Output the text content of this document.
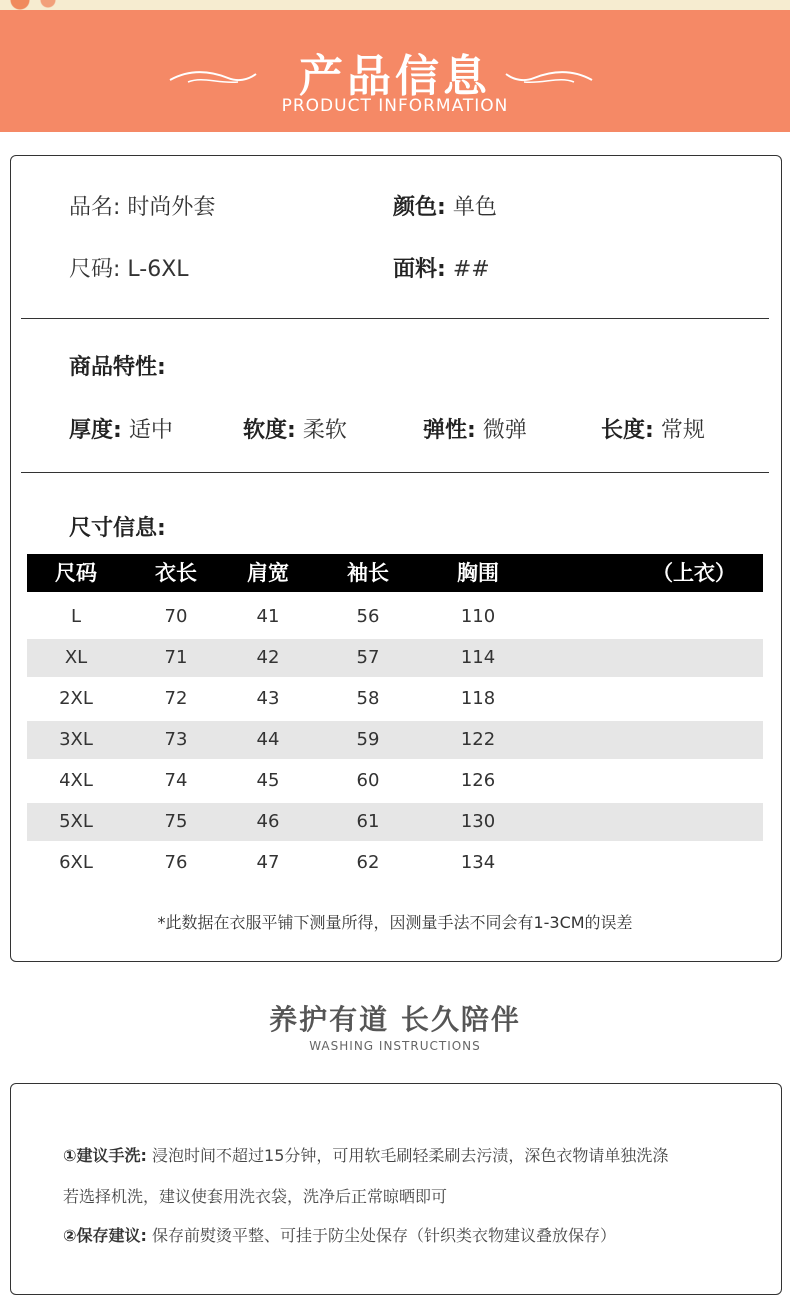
产品信息
PRODUCT INFORMATION
品名: 时尚外套	颜色: 单色
尺码: L-6XL	面料: ##
商品特性:
厚度: 适中	软度: 柔软	弹性: 微弹	长度: 常规
尺寸信息:
尺码	衣长	肩宽	袖长	胸围	（上衣）
L	70	41	56	110
XL	71	42	57	114
2XL	72	43	58	118
3XL	73	44	59	122
4XL	74	45	60	126
5XL	75	46	61	130
6XL	76	47	62	134
*此数据在衣服平铺下测量所得，因测量手法不同会有1-3CM的误差
养护有道 长久陪伴
WASHING INSTRUCTIONS
①建议手洗: 浸泡时间不超过15分钟，可用软毛刷轻柔刷去污渍，深色衣物请单独洗涤
若选择机洗，建议使套用洗衣袋，洗净后正常晾晒即可
②保存建议: 保存前熨烫平整、可挂于防尘处保存（针织类衣物建议叠放保存）
